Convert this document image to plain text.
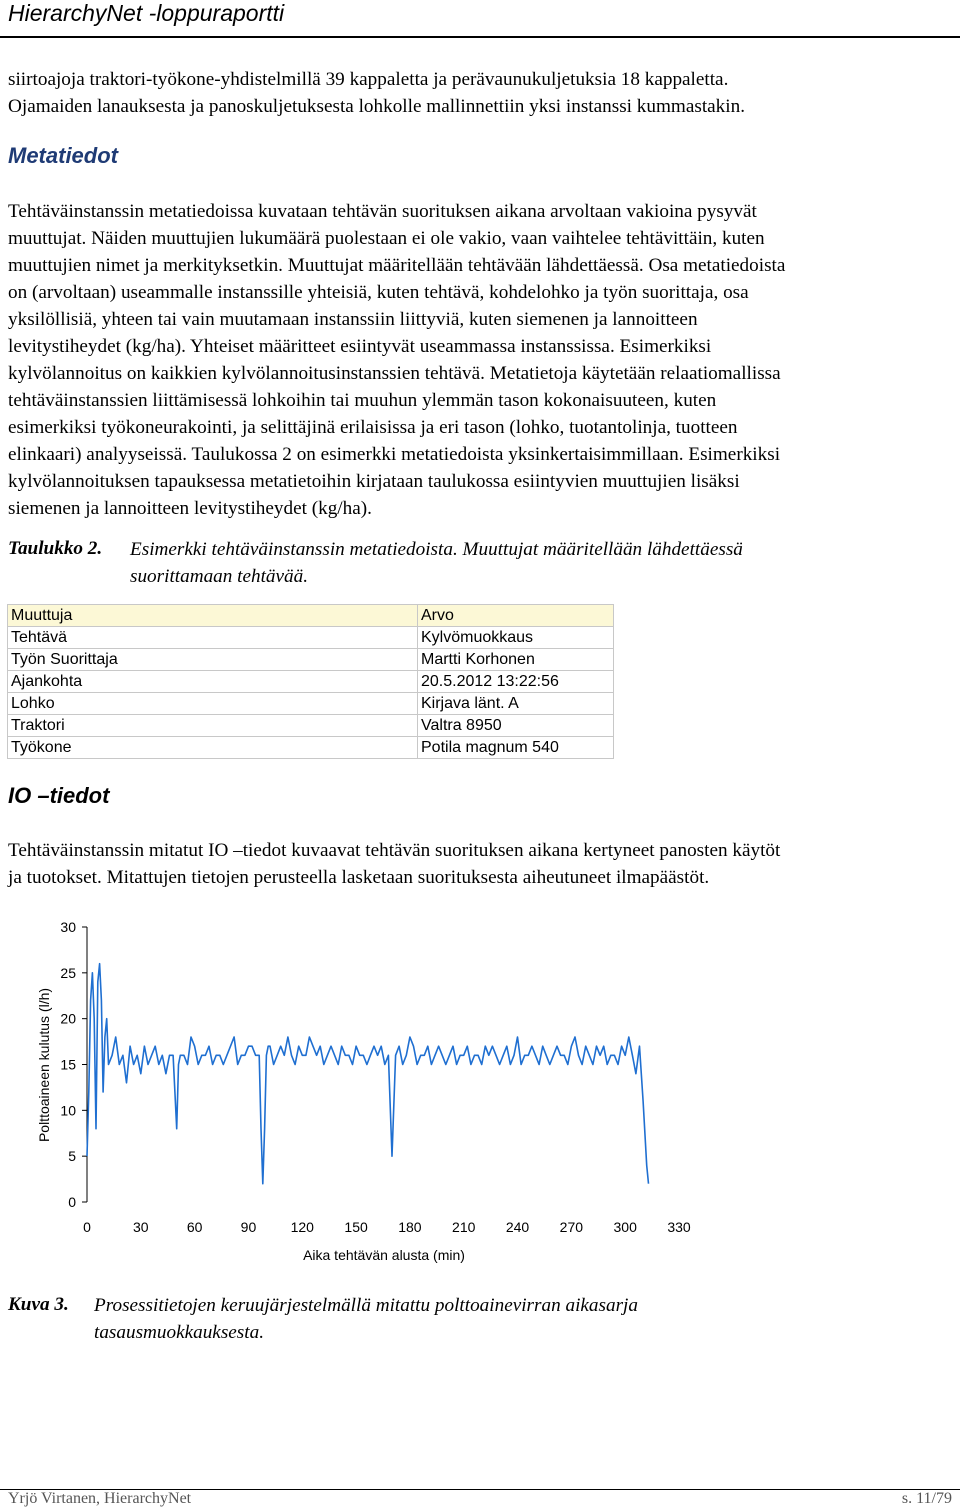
HierarchyNet -loppuraportti
siirtoajoja traktori-työkone-yhdistelmillä 39 kappaletta ja perävaunukuljetuksia 18 kappaletta.
Ojamaiden lanauksesta ja panoskuljetuksesta lohkolle mallinnettiin yksi instanssi kummastakin.
Metatiedot
Tehtäväinstanssin metatiedoissa kuvataan tehtävän suorituksen aikana arvoltaan vakioina pysyvät
muuttujat. Näiden muuttujien lukumäärä puolestaan ei ole vakio, vaan vaihtelee tehtävittäin, kuten
muuttujien nimet ja merkityksetkin. Muuttujat määritellään tehtävään lähdettäessä. Osa metatiedoista
on (arvoltaan) useammalle instanssille yhteisiä, kuten tehtävä, kohdelohko ja työn suorittaja, osa
yksilöllisiä, yhteen tai vain muutamaan instanssiin liittyviä, kuten siemenen ja lannoitteen
levitystiheydet (kg/ha). Yhteiset määritteet esiintyvät useammassa instanssissa. Esimerkiksi
kylvölannoitus on kaikkien kylvölannoitusinstanssien tehtävä. Metatietoja käytetään relaatiomallissa
tehtäväinstanssien liittämisessä lohkoihin tai muuhun ylemmän tason kokonaisuuteen, kuten
esimerkiksi työkoneurakointi, ja selittäjinä erilaisissa ja eri tason (lohko, tuotantolinja, tuotteen
elinkaari) analyyseissä. Taulukossa 2 on esimerkki metatiedoista yksinkertaisimmillaan. Esimerkiksi
kylvölannoituksen tapauksessa metatietoihin kirjataan taulukossa esiintyvien muuttujien lisäksi
siemenen ja lannoitteen levitystiheydet (kg/ha).
Taulukko 2. Esimerkki tehtäväinstanssin metatiedoista. Muuttujat määritellään lähdettäessä
suorittamaan tehtävää.
Muuttuja	Arvo
Tehtävä	Kylvömuokkaus
Työn Suorittaja	Martti Korhonen
Ajankohta	20.5.2012 13:22:56
Lohko	Kirjava länt. A
Traktori	Valtra 8950
Työkone	Potila magnum 540
IO –tiedot
Tehtäväinstanssin mitatut IO –tiedot kuvaavat tehtävän suorituksen aikana kertyneet panosten käytöt
ja tuotokset. Mitattujen tietojen perusteella lasketaan suorituksesta aiheutuneet ilmapäästöt.
Polttoaineen kulutus (l/h)
Aika tehtävän alusta (min)
0
5
10
15
20
25
30
0	30	60	90 120 150 180 210 240 270 300 330
Kuva 3. Prosessitietojen keruujärjestelmällä mitattu polttoainevirran aikasarja
tasausmuokkauksesta.
Yrjö Virtanen, HierarchyNet	s. 11/79
